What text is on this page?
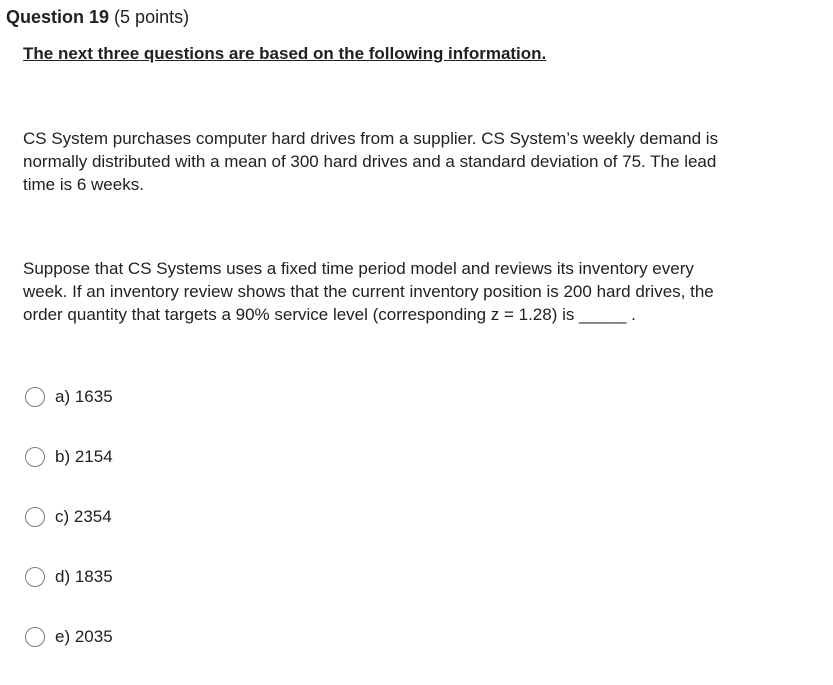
Question 19 (5 points)
The next three questions are based on the following information.
CS System purchases computer hard drives from a supplier. CS System’s weekly demand is normally distributed with a mean of 300 hard drives and a standard deviation of 75. The lead time is 6 weeks.
Suppose that CS Systems uses a fixed time period model and reviews its inventory every week. If an inventory review shows that the current inventory position is 200 hard drives, the order quantity that targets a 90% service level (corresponding z = 1.28) is _____ .
a) 1635
b) 2154
c) 2354
d) 1835
e) 2035
